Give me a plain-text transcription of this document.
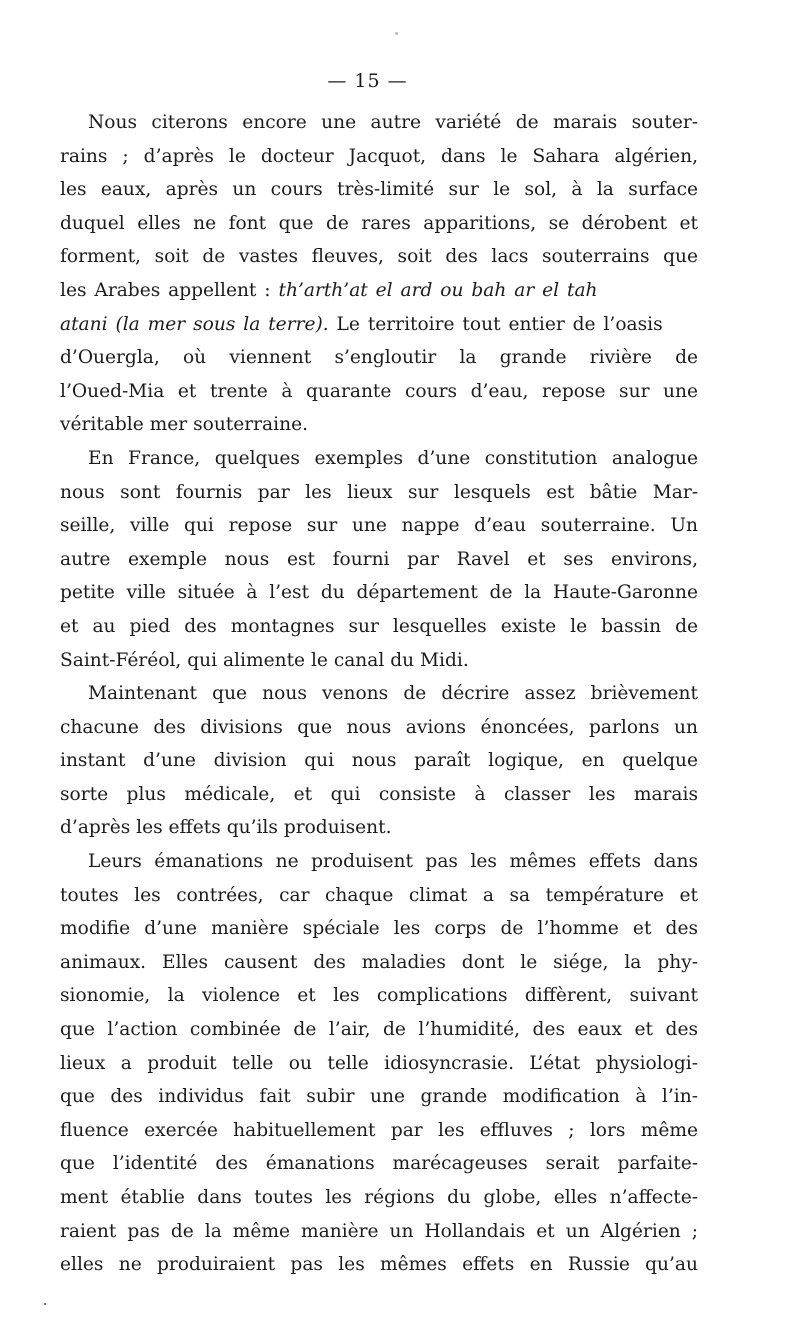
— 15 —
Nous citerons encore une autre variété de marais souter-
rains ; d’après le docteur Jacquot, dans le Sahara algérien,
les eaux, après un cours très-limité sur le sol, à la surface
duquel elles ne font que de rares apparitions, se dérobent et
forment, soit de vastes fleuves, soit des lacs souterrains que
les Arabes appellent : th’arth’at el ard ou bah ar el tah
atani (la mer sous la terre). Le territoire tout entier de l’oasis
d’Ouergla, où viennent s’engloutir la grande rivière de
l’Oued-Mia et trente à quarante cours d’eau, repose sur une
véritable mer souterraine.
En France, quelques exemples d’une constitution analogue
nous sont fournis par les lieux sur lesquels est bâtie Mar-
seille, ville qui repose sur une nappe d’eau souterraine. Un
autre exemple nous est fourni par Ravel et ses environs,
petite ville située à l’est du département de la Haute-Garonne
et au pied des montagnes sur lesquelles existe le bassin de
Saint-Féréol, qui alimente le canal du Midi.
Maintenant que nous venons de décrire assez brièvement
chacune des divisions que nous avions énoncées, parlons un
instant d’une division qui nous paraît logique, en quelque
sorte plus médicale, et qui consiste à classer les marais
d’après les effets qu’ils produisent.
Leurs émanations ne produisent pas les mêmes effets dans
toutes les contrées, car chaque climat a sa température et
modifie d’une manière spéciale les corps de l’homme et des
animaux. Elles causent des maladies dont le siége, la phy-
sionomie, la violence et les complications diffèrent, suivant
que l’action combinée de l’air, de l’humidité, des eaux et des
lieux a produit telle ou telle idiosyncrasie. L’état physiologi-
que des individus fait subir une grande modification à l’in-
fluence exercée habituellement par les effluves ; lors même
que l’identité des émanations marécageuses serait parfaite-
ment établie dans toutes les régions du globe, elles n’affecte-
raient pas de la même manière un Hollandais et un Algérien ;
elles ne produiraient pas les mêmes effets en Russie qu’au
